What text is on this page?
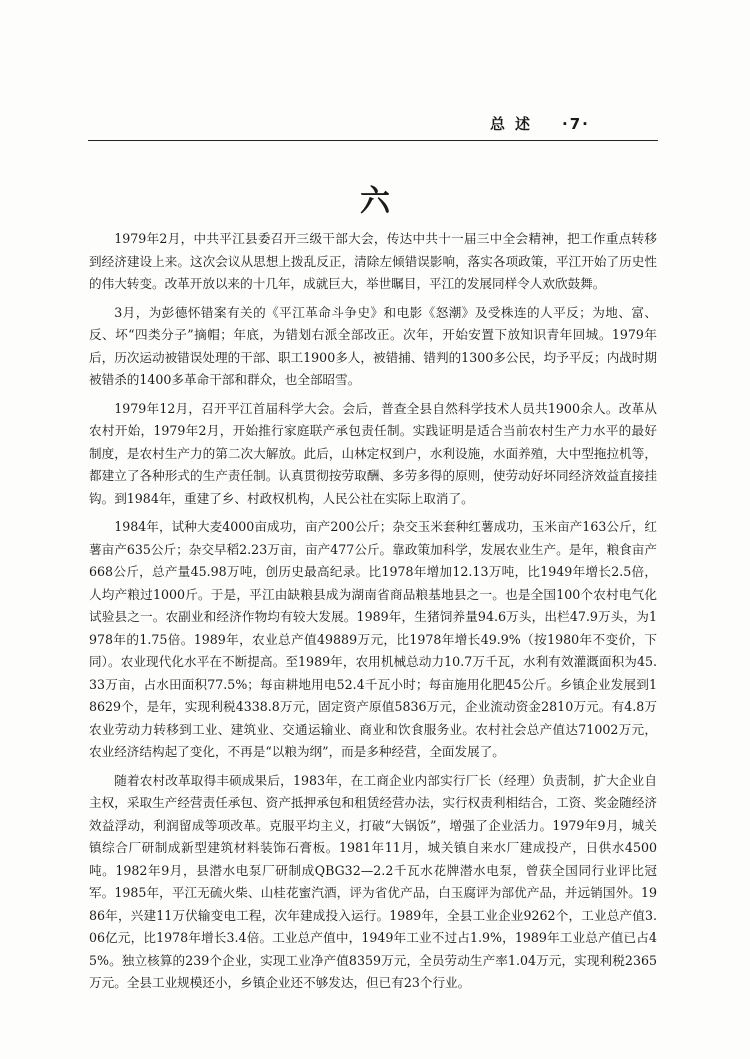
总述 ·7·
六

1979年2月，中共平江县委召开三级干部大会，传达中共十一届三中全会精神，把工作重点转移到经济建设上来。这次会议从思想上拨乱反正，清除左倾错误影响，落实各项政策，平江开始了历史性的伟大转变。改革开放以来的十几年，成就巨大，举世瞩目，平江的发展同样令人欢欣鼓舞。

3月，为彭德怀错案有关的《平江革命斗争史》和电影《怒潮》及受株连的人平反；为地、富、反、坏“四类分子”摘帽；年底，为错划右派全部改正。次年，开始安置下放知识青年回城。1979年后，历次运动被错误处理的干部、职工1900多人，被错捕、错判的1300多公民，均予平反；内战时期被错杀的1400多革命干部和群众，也全部昭雪。

1979年12月，召开平江首届科学大会。会后，普查全县自然科学技术人员共1900余人。改革从农村开始，1979年2月，开始推行家庭联产承包责任制。实践证明是适合当前农村生产力水平的最好制度，是农村生产力的第二次大解放。此后，山林定权到户，水利设施，水面养殖，大中型拖拉机等，都建立了各种形式的生产责任制。认真贯彻按劳取酬、多劳多得的原则，使劳动好坏同经济效益直接挂钩。到1984年，重建了乡、村政权机构，人民公社在实际上取消了。

1984年，试种大麦4000亩成功，亩产200公斤；杂交玉米套种红薯成功，玉米亩产163公斤，红薯亩产635公斤；杂交早稻2.23万亩，亩产477公斤。靠政策加科学，发展农业生产。是年，粮食亩产668公斤，总产量45.98万吨，创历史最高纪录。比1978年增加12.13万吨，比1949年增长2.5倍，人均产粮过1000斤。于是，平江由缺粮县成为湖南省商品粮基地县之一。也是全国100个农村电气化试验县之一。农副业和经济作物均有较大发展。1989年，生猪饲养量94.6万头，出栏47.9万头，为1978年的1.75倍。1989年，农业总产值49889万元，比1978年增长49.9%（按1980年不变价，下同）。农业现代化水平在不断提高。至1989年，农用机械总动力10.7万千瓦，水利有效灌溉面积为45.33万亩，占水田面积77.5%；每亩耕地用电52.4千瓦小时；每亩施用化肥45公斤。乡镇企业发展到18629个，是年，实现利税4338.8万元，固定资产原值5836万元，企业流动资金2810万元。有4.8万农业劳动力转移到工业、建筑业、交通运输业、商业和饮食服务业。农村社会总产值达71002万元，农业经济结构起了变化，不再是“以粮为纲”，而是多种经营，全面发展了。

随着农村改革取得丰硕成果后，1983年，在工商企业内部实行厂长（经理）负责制，扩大企业自主权，采取生产经营责任承包、资产抵押承包和租赁经营办法，实行权责利相结合，工资、奖金随经济效益浮动，利润留成等项改革。克服平均主义，打破“大锅饭”，增强了企业活力。1979年9月，城关镇综合厂研制成新型建筑材料装饰石膏板。1981年11月，城关镇自来水厂建成投产，日供水4500吨。1982年9月，县潜水电泵厂研制成QBG32—2.2千瓦水花牌潜水电泵，曾获全国同行业评比冠军。1985年，平江无硫火柴、山桂花蜜汽酒，评为省优产品，白玉腐评为部优产品，并远销国外。1986年，兴建11万伏输变电工程，次年建成投入运行。1989年，全县工业企业9262个，工业总产值3.06亿元，比1978年增长3.4倍。工业总产值中，1949年工业不过占1.9%，1989年工业总产值已占45%。独立核算的239个企业，实现工业净产值8359万元，全员劳动生产率1.04万元，实现利税2365万元。全县工业规模还小，乡镇企业还不够发达，但已有23个行业。
